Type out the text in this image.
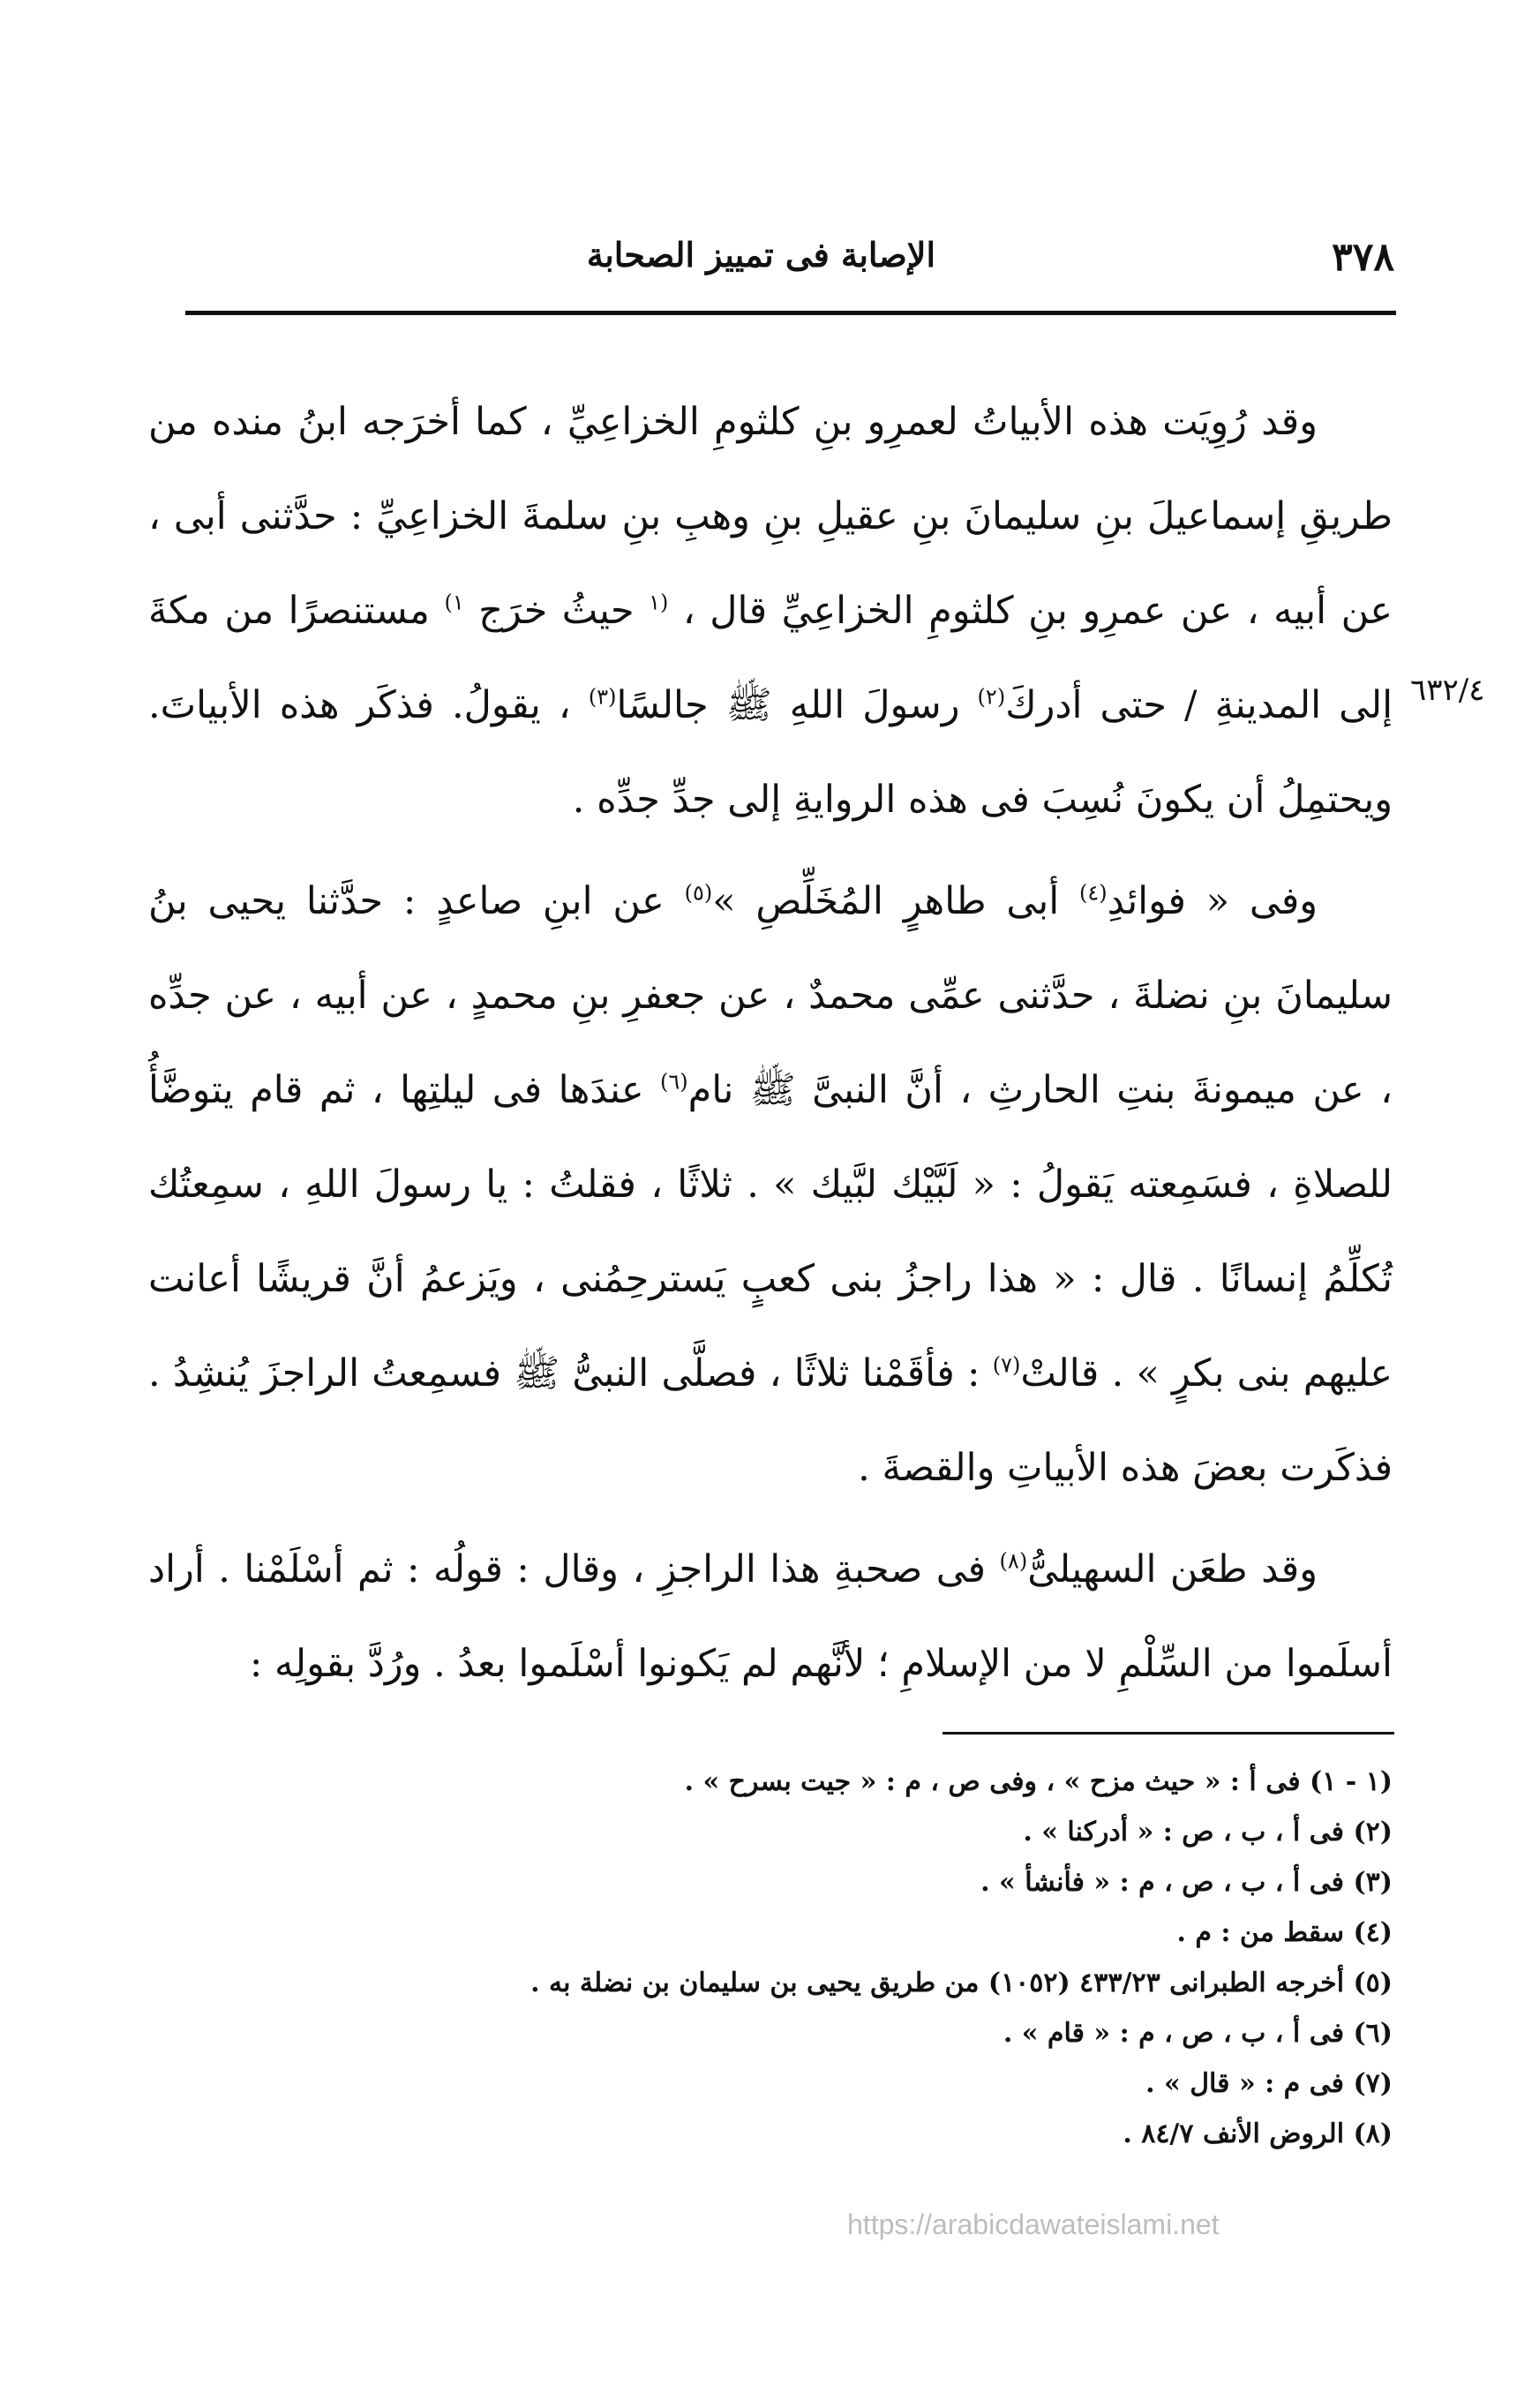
٣٧٨
الإصابة فى تمييز الصحابة
٦٣٢/٤

وقد رُوِيَت هذه الأبياتُ لعمرِو بنِ كلثومِ الخزاعِيِّ ، كما أخرَجه ابنُ منده من طريقِ إسماعيلَ بنِ سليمانَ بنِ عقيلِ بنِ وهبِ بنِ سلمةَ الخزاعِيِّ : حدَّثنى أبى ، عن أبيه ، عن عمرِو بنِ كلثومِ الخزاعِيِّ قال ، $^{(١}$ حيثُ خرَج $^{١)}$ مستنصرًا من مكةَ إلى المدينةِ / حتى أدركَ$^{(٢)}$ رسولَ اللهِ ﷺ جالسًا$^{(٣)}$ ، يقولُ. فذكَر هذه الأبياتَ. ويحتمِلُ أن يكونَ نُسِبَ فى هذه الروايةِ إلى جدِّ جدِّه .

وفى « فوائدِ$^{(٤)}$ أبى طاهرٍ المُخَلِّصِ »$^{(٥)}$ عن ابنِ صاعدٍ : حدَّثنا يحيى بنُ سليمانَ بنِ نضلةَ ، حدَّثنى عمِّى محمدٌ ، عن جعفرِ بنِ محمدٍ ، عن أبيه ، عن جدِّه ، عن ميمونةَ بنتِ الحارثِ ، أنَّ النبىَّ ﷺ نام$^{(٦)}$ عندَها فى ليلتِها ، ثم قام يتوضَّأُ للصلاةِ ، فسَمِعته يَقولُ : « لَبَّيْك لبَّيك » . ثلاثًا ، فقلتُ : يا رسولَ اللهِ ، سمِعتُك تُكلِّمُ إنسانًا . قال : « هذا راجزُ بنى كعبٍ يَسترحِمُنى ، ويَزعمُ أنَّ قريشًا أعانت عليهم بنى بكرٍ » . قالتْ$^{(٧)}$ : فأقَمْنا ثلاثًا ، فصلَّى النبىُّ ﷺ فسمِعتُ الراجزَ يُنشِدُ . فذكَرت بعضَ هذه الأبياتِ والقصةَ .

وقد طعَن السهيلىُّ$^{(٨)}$ فى صحبةِ هذا الراجزِ ، وقال : قولُه : ثم أسْلَمْنا . أراد أسلَموا من السِّلْمِ لا من الإسلامِ ؛ لأنَّهم لم يَكونوا أسْلَموا بعدُ . ورُدَّ بقولِه :

(١ - ١) فى أ : « حيث مزح » ، وفى ص ، م : « جيت بسرح » .
(٢) فى أ ، ب ، ص : « أدركنا » .
(٣) فى أ ، ب ، ص ، م : « فأنشأ » .
(٤) سقط من : م .
(٥) أخرجه الطبرانى ٤٣٣/٢٣ (١٠٥٢) من طريق يحيى بن سليمان بن نضلة به .
(٦) فى أ ، ب ، ص ، م : « قام » .
(٧) فى م : « قال » .
(٨) الروض الأنف ٨٤/٧ .
https://arabicdawateislami.net
